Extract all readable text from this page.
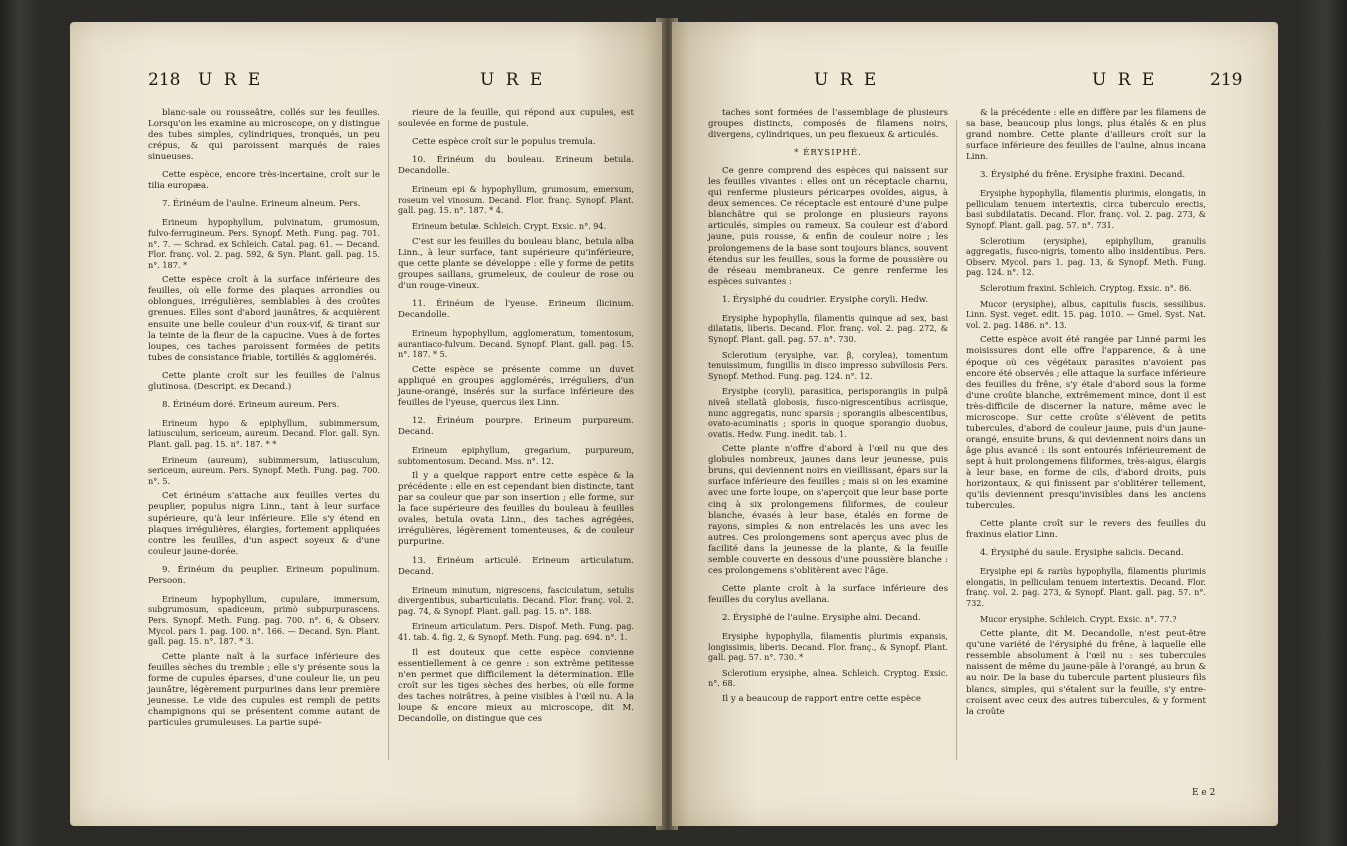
218 U R E	U R E

blanc-sale ou rousseâtre, collés sur les feuilles. Lorsqu'on les examine au microscope, on y distingue des tubes simples, cylindriques, tronqués, un peu crépus, & qui paroissent marqués de raies sinueuses.

Cette espèce, encore très-incertaine, croît sur le tilia europæa.

7. Érinéum de l'aulne. Erineum alneum. Pers.

Erineum hypophyllum, pulvinatum, grumosum, fulvo-ferrugineum. Pers. Synopf. Meth. Fung. pag. 701. n°. 7. — Schrad. ex Schleich. Catal. pag. 61. — Decand. Flor. franç. vol. 2. pag. 592, & Syn. Plant. gall. pag. 15. n°. 187. *

Cette espèce croît à la surface inférieure des feuilles, où elle forme des plaques arrondies ou oblongues, irrégulières, semblables à des croûtes grenues. Elles sont d'abord jaunâtres, & acquièrent ensuite une belle couleur d'un roux-vif, & tirant sur la teinte de la fleur de la capucine. Vues à de fortes loupes, ces taches paroissent formées de petits tubes de consistance friable, tortillés & agglomérés.

Cette plante croît sur les feuilles de l'alnus glutinosa. (Descript. ex Decand.)

8. Érinéum doré. Erineum aureum. Pers.

Erineum hypo & epiphyllum, subimmersum, latiusculum, sericeum, aureum. Decand. Flor. gall. Syn. Plant. gall. pag. 15. n°. 187. * *

Erineum (aureum), subimmersum, latiusculum, sericeum, aureum. Pers. Synopf. Meth. Fung. pag. 700. n°. 5.

Cet érinéum s'attache aux feuilles vertes du peuplier, populus nigra Linn., tant à leur surface supérieure, qu'à leur inférieure. Elle s'y étend en plaques irrégulières, élargies, fortement appliquées contre les feuilles, d'un aspect soyeux & d'une couleur jaune-dorée.

9. Érinéum du peuplier. Erineum populinum. Persoon.

Erineum hypophyllum, cupulare, immersum, subgrumosum, spadiceum, primò subpurpurascens. Pers. Synopf. Meth. Fung. pag. 700. n°. 6, & Observ. Mycol. pars 1. pag. 100. n°. 166. — Decand. Syn. Plant. gall. pag. 15. n°. 187. * 3.

Cette plante naît à la surface inférieure des feuilles sèches du tremble ; elle s'y présente sous la forme de cupules éparses, d'une couleur lie, un peu jaunâtre, légèrement purpurines dans leur première jeunesse. Le vide des cupules est rempli de petits champignons qui se présentent comme autant de particules grumuleuses. La partie supé-

rieure de la feuille, qui répond aux cupules, est soulevée en forme de pustule.

Cette espèce croît sur le populus tremula.

10. Érinéum du bouleau. Erineum betula. Decandolle.

Erineum epi & hypophyllum, grumosum, emersum, roseum vel vinosum. Decand. Flor. franç. Synopf. Plant. gall. pag. 15. n°. 187. * 4.

Erineum betulæ. Schleich. Crypt. Exsic. n°. 94.

C'est sur les feuilles du bouleau blanc, betula alba Linn., à leur surface, tant supérieure qu'inférieure, que cette plante se développe : elle y forme de petits groupes saillans, grumeleux, de couleur de rose ou d'un rouge-vineux.

11. Érinéum de l'yeuse. Erineum ilicinum. Decandolle.

Erineum hypophyllum, agglomeratum, tomentosum, aurantiaco-fulvum. Decand. Synopf. Plant. gall. pag. 15. n°. 187. * 5.

Cette espèce se présente comme un duvet appliqué en groupes agglomérés, irréguliers, d'un jaune-orangé, insérés sur la surface inférieure des feuilles de l'yeuse, quercus ilex Linn.

12. Érinéum pourpre. Erineum purpureum. Decand.

Erineum epiphyllum, gregarium, purpureum, subtomentosum. Decand. Mss. n°. 12.

Il y a quelque rapport entre cette espèce & la précédente : elle en est cependant bien distincte, tant par sa couleur que par son insertion ; elle forme, sur la face supérieure des feuilles du bouleau à feuilles ovales, betula ovata Linn., des taches agrégées, irrégulières, légèrement tomenteuses, & de couleur purpurine.

13. Érinéum articulé. Erineum articulatum. Decand.

Erineum minutum, nigrescens, fasciculatum, setulis divergentibus, subarticulatis. Decand. Flor. franç. vol. 2. pag. 74, & Synopf. Plant. gall. pag. 15. n°. 188.

Erineum articulatum. Pers. Dispof. Meth. Fung. pag. 41. tab. 4. fig. 2, & Synopf. Meth. Fung. pag. 694. n°. 1.

Il est douteux que cette espèce convienne essentiellement à ce genre : son extrême petitesse n'en permet que difficilement la détermination. Elle croît sur les tiges sèches des herbes, où elle forme des taches noirâtres, à peine visibles à l'œil nu. A la loupe & encore mieux au microscope, dit M. Decandolle, on distingue que ces

U R E	U R E	219

taches sont formées de l'assemblage de plusieurs groupes distincts, composés de filamens noirs, divergens, cylindriques, un peu flexueux & articulés.

* ÉRYSIPHÉ.

Ce genre comprend des espèces qui naissent sur les feuilles vivantes : elles ont un réceptacle charnu, qui renferme plusieurs péricarpes ovoïdes, aigus, à deux semences. Ce réceptacle est entouré d'une pulpe blanchâtre qui se prolonge en plusieurs rayons articulés, simples ou rameux. Sa couleur est d'abord jaune, puis rousse, & enfin de couleur noire ; les prolongemens de la base sont toujours blancs, souvent étendus sur les feuilles, sous la forme de poussière ou de réseau membraneux. Ce genre renferme les espèces suivantes :

1. Érysiphé du coudrier. Erysiphe coryli. Hedw.

Erysiphe hypophylla, filamentis quinque ad sex, basi dilatatis, liberis. Decand. Flor. franç. vol. 2. pag. 272, & Synopf. Plant. gall. pag. 57. n°. 730.

Sclerotium (erysiphe, var. β, corylea), tomentum tenuissimum, fungillis in disco impresso subvillosis Pers. Synopf. Method. Fung. pag. 124. n°. 12.

Erysiphe (coryli), parasitica, perisporangiis in pulpâ niveâ stellatâ globosis, fusco-nigrescentibus acriisque, nunc aggregatis, nunc sparsis ; sporangiis albescentibus, ovato-acuminatis ; sporis in quoque sporangio duobus, ovatis. Hedw. Fung. inedit. tab. 1.

Cette plante n'offre d'abord à l'œil nu que des globules nombreux, jaunes dans leur jeunesse, puis bruns, qui deviennent noirs en vieillissant, épars sur la surface inférieure des feuilles ; mais si on les examine avec une forte loupe, on s'aperçoit que leur base porte cinq à six prolongemens filiformes, de couleur blanche, évasés à leur base, étalés en forme de rayons, simples & non entrelacés les uns avec les autres. Ces prolongemens sont aperçus avec plus de facilité dans la jeunesse de la plante, & la feuille semble couverte en dessous d'une poussière blanche : ces prolongemens s'oblitèrent avec l'âge.

Cette plante croît à la surface inférieure des feuilles du corylus avellana.

2. Érysiphé de l'aulne. Erysiphe alni. Decand.

Erysiphe hypophylla, filamentis plurimis expansis, longissimis, liberis. Decand. Flor. franç., & Synopf. Plant. gall. pag. 57. n°. 730. *

Sclerotium erysiphe, alnea. Schleich. Cryptog. Exsic. n°. 68.

Il y a beaucoup de rapport entre cette espèce

& la précédente : elle en diffère par les filamens de sa base, beaucoup plus longs, plus étalés & en plus grand nombre. Cette plante d'ailleurs croît sur la surface inférieure des feuilles de l'aulne, alnus incana Linn.

3. Érysiphé du frêne. Erysiphe fraxini. Decand.

Erysiphe hypophylla, filamentis plurimis, elongatis, in pelliculam tenuem intertextis, circa tuberculo erectis, basi subdilatatis. Decand. Flor. franç. vol. 2. pag. 273, & Synopf. Plant. gall. pag. 57. n°. 731.

Sclerotium (erysiphe), epiphyllum, granulis aggregatis, fusco-nigris, tomento albo insidentibus. Pers. Observ. Mycol. pars 1. pag. 13, & Synopf. Meth. Fung. pag. 124. n°. 12.

Sclerotium fraxini. Schleich. Cryptog. Exsic. n°. 86.

Mucor (erysiphe), albus, capitulis fuscis, sessilibus. Linn. Syst. veget. edit. 15. pag. 1010. — Gmel. Syst. Nat. vol. 2. pag. 1486. n°. 13.

Cette espèce avoit été rangée par Linné parmi les moisissures dont elle offre l'apparence, & à une époque où ces végétaux parasites n'avoient pas encore été observés ; elle attaque la surface inférieure des feuilles du frêne, s'y étale d'abord sous la forme d'une croûte blanche, extrêmement mince, dont il est très-difficile de discerner la nature, même avec le microscope. Sur cette croûte s'élèvent de petits tubercules, d'abord de couleur jaune, puis d'un jaune-orangé, ensuite bruns, & qui deviennent noirs dans un âge plus avancé : ils sont entourés inférieurement de sept à huit prolongemens filiformes, très-aigus, élargis à leur base, en forme de cils, d'abord droits, puis horizontaux, & qui finissent par s'oblitérer tellement, qu'ils deviennent presqu'invisibles dans les anciens tubercules.

Cette plante croît sur le revers des feuilles du fraxinus elatior Linn.

4. Érysiphé du saule. Erysiphe salicis. Decand.

Erysiphe epi & rariùs hypophylla, filamentis plurimis elongatis, in pelliculam tenuem intertextis. Decand. Flor. franç. vol. 2. pag. 273, & Synopf. Plant. gall. pag. 57. n°. 732.

Mucor erysiphe. Schleich. Crypt. Exsic. n°. 77.?

Cette plante, dit M. Decandolle, n'est peut-être qu'une variété de l'érysiphé du frêne, à laquelle elle ressemble absolument à l'œil nu : ses tubercules naissent de même du jaune-pâle à l'orangé, au brun & au noir. De la base du tubercule partent plusieurs fils blancs, simples, qui s'étalent sur la feuille, s'y entre-croisent avec ceux des autres tubercules, & y forment la croûte

E e 2
